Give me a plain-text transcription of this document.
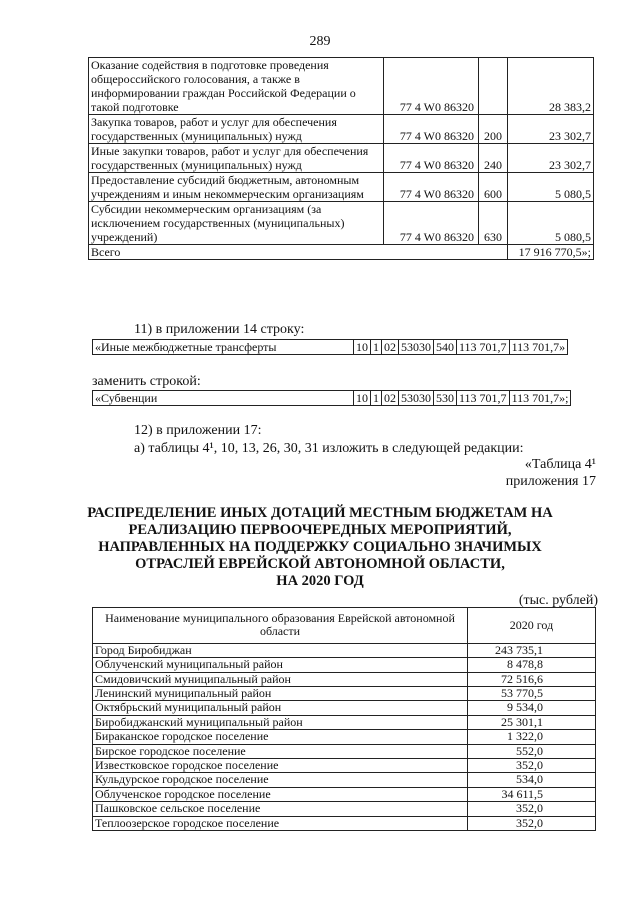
289
Оказание содействия в подготовке проведения общероссийского голосования, а также в информировании граждан Российской Федерации о такой подготовке	77 4 W0 86320		28 383,2
Закупка товаров, работ и услуг для обеспечения государственных (муниципальных) нужд	77 4 W0 86320	200	23 302,7
Иные закупки товаров, работ и услуг для обеспечения государственных (муниципальных) нужд	77 4 W0 86320	240	23 302,7
Предоставление субсидий бюджетным, автономным учреждениям и иным некоммерческим организациям	77 4 W0 86320	600	5 080,5
Субсидии некоммерческим организациям (за исключением государственных (муниципальных) учреждений)	77 4 W0 86320	630	5 080,5
Всего			17 916 770,5»;
11) в приложении 14 строку:
«Иные межбюджетные трансферты	10	1	02	53030	540	113 701,7	113 701,7»
заменить строкой:
«Субвенции	10	1	02	53030	530	113 701,7	113 701,7»;
12) в приложении 17:
а) таблицы 4¹, 10, 13, 26, 30, 31 изложить в следующей редакции:
«Таблица 4¹
приложения 17
РАСПРЕДЕЛЕНИЕ ИНЫХ ДОТАЦИЙ МЕСТНЫМ БЮДЖЕТАМ НА
РЕАЛИЗАЦИЮ ПЕРВООЧЕРЕДНЫХ МЕРОПРИЯТИЙ,
НАПРАВЛЕННЫХ НА ПОДДЕРЖКУ СОЦИАЛЬНО ЗНАЧИМЫХ
ОТРАСЛЕЙ ЕВРЕЙСКОЙ АВТОНОМНОЙ ОБЛАСТИ,
НА 2020 ГОД
(тыс. рублей)
Наименование муниципального образования Еврейской автономной области	2020 год
Город Биробиджан	243 735,1
Облученский муниципальный район	8 478,8
Смидовичский муниципальный район	72 516,6
Ленинский муниципальный район	53 770,5
Октябрьский муниципальный район	9 534,0
Биробиджанский муниципальный район	25 301,1
Бираканское городское поселение	1 322,0
Бирское городское поселение	552,0
Известковское городское поселение	352,0
Кульдурское городское поселение	534,0
Облученское городское поселение	34 611,5
Пашковское сельское поселение	352,0
Теплоозерское городское поселение	352,0
